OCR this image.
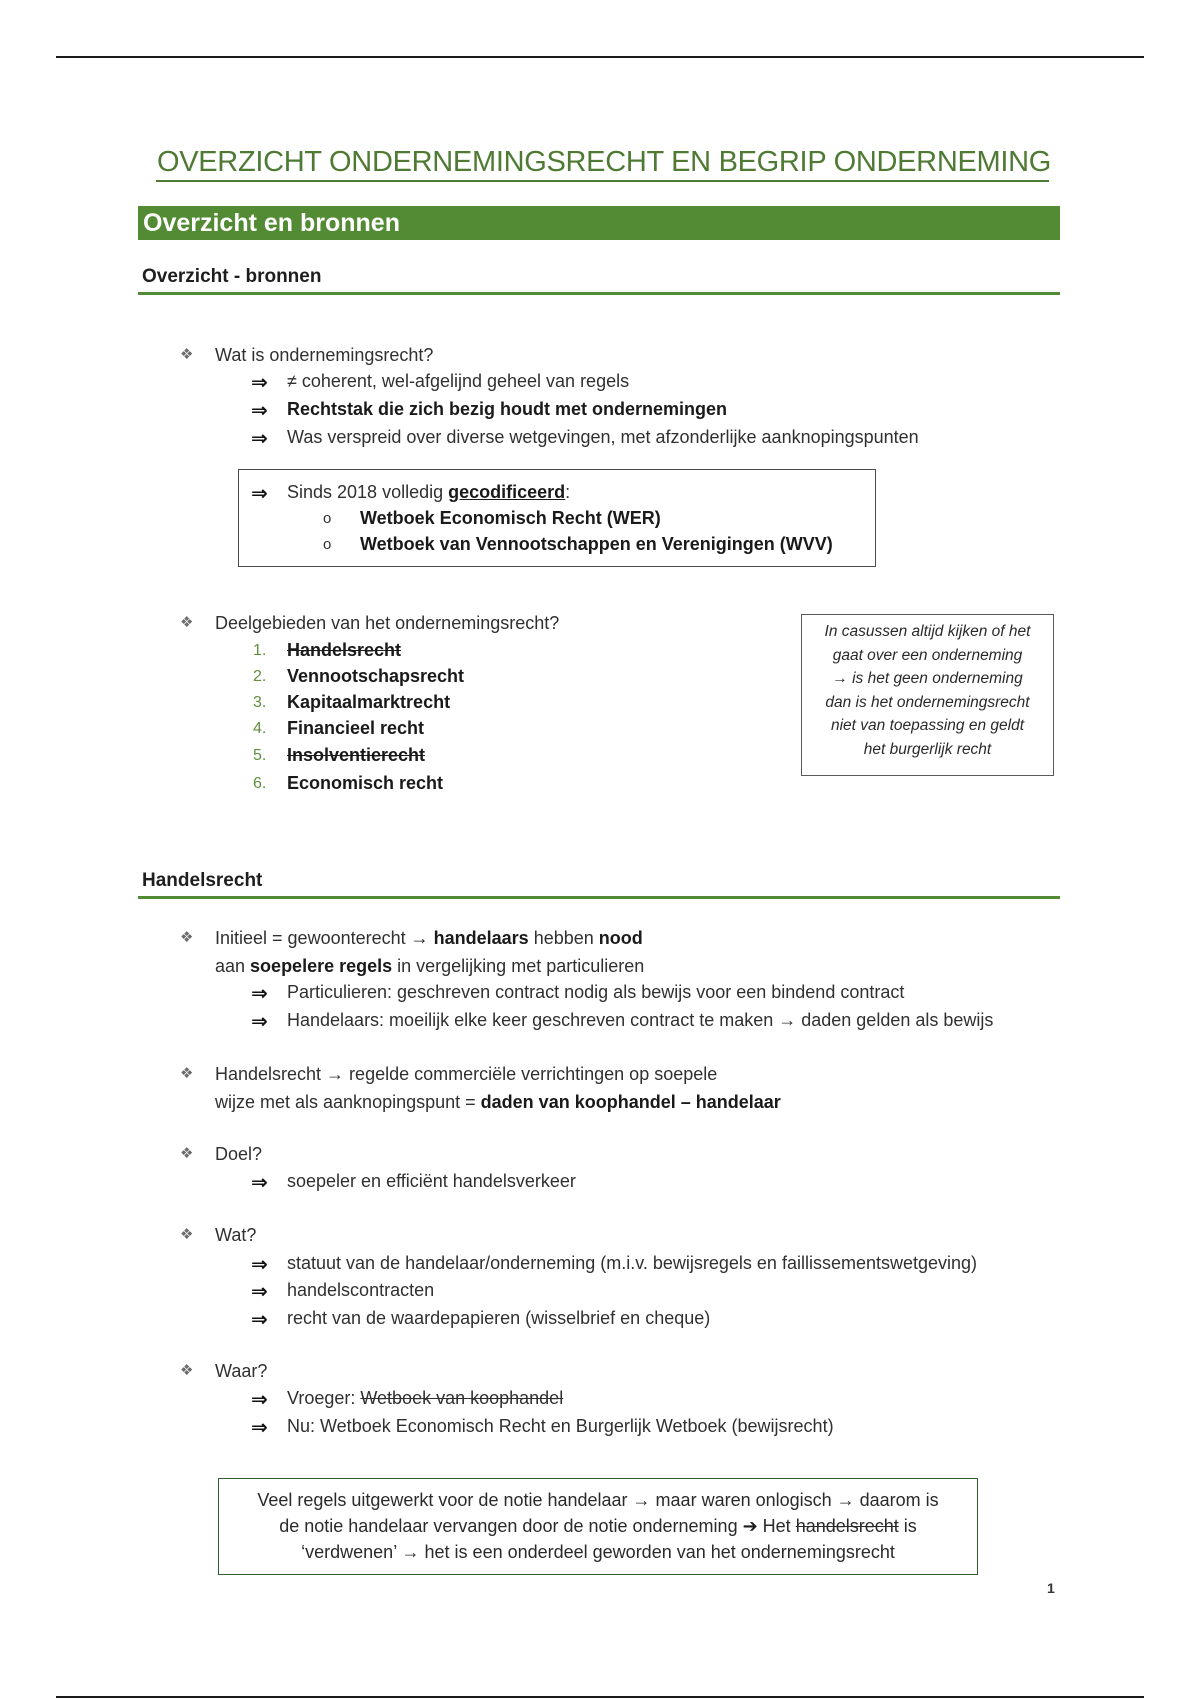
OVERZICHT ONDERNEMINGSRECHT EN BEGRIP ONDERNEMING
Overzicht en bronnen
Overzicht - bronnen
❖ Wat is ondernemingsrecht?
⇒ ≠ coherent, wel-afgelijnd geheel van regels
⇒ Rechtstak die zich bezig houdt met ondernemingen
⇒ Was verspreid over diverse wetgevingen, met afzonderlijke aanknopingspunten
⇒ Sinds 2018 volledig gecodificeerd:
o Wetboek Economisch Recht (WER)
o Wetboek van Vennootschappen en Verenigingen (WVV)
❖ Deelgebieden van het ondernemingsrecht?
1. Handelsrecht
2. Vennootschapsrecht
3. Kapitaalmarktrecht
4. Financieel recht
5. Insolventierecht
6. Economisch recht
In casussen altijd kijken of het
gaat over een onderneming
→ is het geen onderneming
dan is het ondernemingsrecht
niet van toepassing en geldt
het burgerlijk recht
Handelsrecht
❖ Initieel = gewoonterecht → handelaars hebben nood
aan soepelere regels in vergelijking met particulieren
⇒ Particulieren: geschreven contract nodig als bewijs voor een bindend contract
⇒ Handelaars: moeilijk elke keer geschreven contract te maken → daden gelden als bewijs
❖ Handelsrecht → regelde commerciële verrichtingen op soepele
wijze met als aanknopingspunt = daden van koophandel – handelaar
❖ Doel?
⇒ soepeler en efficiënt handelsverkeer
❖ Wat?
⇒ statuut van de handelaar/onderneming (m.i.v. bewijsregels en faillissementswetgeving)
⇒ handelscontracten
⇒ recht van de waardepapieren (wisselbrief en cheque)
❖ Waar?
⇒ Vroeger: Wetboek van koophandel
⇒ Nu: Wetboek Economisch Recht en Burgerlijk Wetboek (bewijsrecht)
Veel regels uitgewerkt voor de notie handelaar → maar waren onlogisch → daarom is
de notie handelaar vervangen door de notie onderneming ➔ Het handelsrecht is
‘verdwenen’ → het is een onderdeel geworden van het ondernemingsrecht
1
